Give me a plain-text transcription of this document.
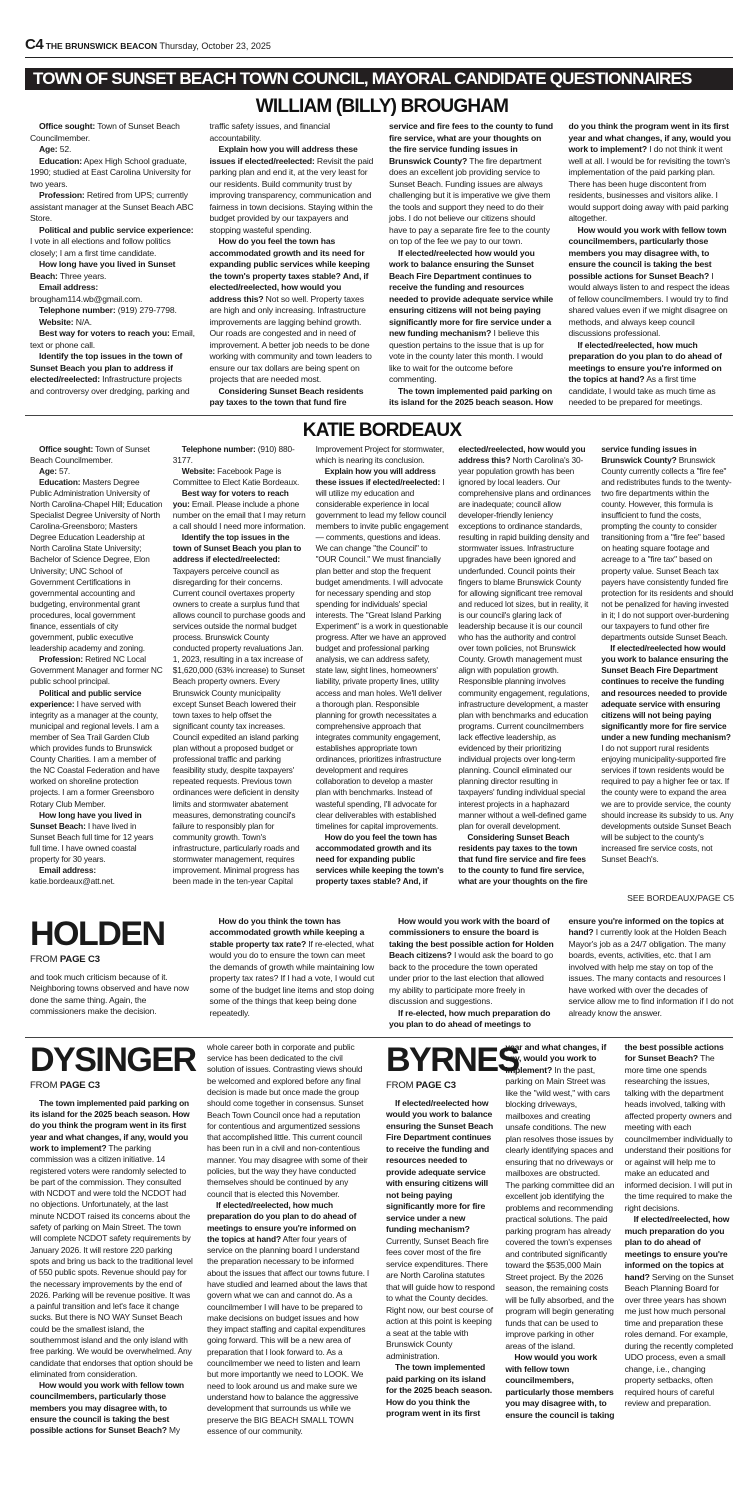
C4 THE BRUNSWICK BEACON Thursday, October 23, 2025
TOWN OF SUNSET BEACH TOWN COUNCIL, MAYORAL CANDIDATE QUESTIONNAIRES
WILLIAM (BILLY) BROUGHAM

Office sought: Town of Sunset Beach Councilmember.

Age: 52.

Education: Apex High School graduate, 1990; studied at East Carolina University for two years.

Profession: Retired from UPS; currently assistant manager at the Sunset Beach ABC Store.

Political and public service experience: I vote in all elections and follow politics closely; I am a first time candidate.

How long have you lived in Sunset Beach: Three years.

Email address: brougham114.wb@gmail.com.

Telephone number: (919) 279-7798.

Website: N/A.

Best way for voters to reach you: Email, text or phone call.

Identify the top issues in the town of Sunset Beach you plan to address if elected/reelected: Infrastructure projects and controversy over dredging, parking and traffic safety issues, and financial accountability.

Explain how you will address these issues if elected/reelected: Revisit the paid parking plan and end it, at the very least for our residents. Build community trust by improving transparency, communication and fairness in town decisions. Staying within the budget provided by our taxpayers and stopping wasteful spending.

How do you feel the town has accommodated growth and its need for expanding public services while keeping the town's property taxes stable? And, if elected/reelected, how would you address this? Not so well. Property taxes are high and only increasing. Infrastructure improvements are lagging behind growth. Our roads are congested and in need of improvement. A better job needs to be done working with community and town leaders to ensure our tax dollars are being spent on projects that are needed most.

Considering Sunset Beach residents pay taxes to the town that fund fire service and fire fees to the county to fund fire service, what are your thoughts on the fire service funding issues in Brunswick County? The fire department does an excellent job providing service to Sunset Beach. Funding issues are always challenging but it is imperative we give them the tools and support they need to do their jobs. I do not believe our citizens should have to pay a separate fire fee to the county on top of the fee we pay to our town.

If elected/reelected how would you work to balance ensuring the Sunset Beach Fire Department continues to receive the funding and resources needed to provide adequate service while ensuring citizens will not being paying significantly more for fire service under a new funding mechanism? I believe this question pertains to the issue that is up for vote in the county later this month. I would like to wait for the outcome before commenting.

The town implemented paid parking on its island for the 2025 beach season. How do you think the program went in its first year and what changes, if any, would you work to implement? I do not think it went well at all. I would be for revisiting the town's implementation of the paid parking plan. There has been huge discontent from residents, businesses and visitors alike. I would support doing away with paid parking altogether.

How would you work with fellow town councilmembers, particularly those members you may disagree with, to ensure the council is taking the best possible actions for Sunset Beach? I would always listen to and respect the ideas of fellow councilmembers. I would try to find shared values even if we might disagree on methods, and always keep council discussions professional.

If elected/reelected, how much preparation do you plan to do ahead of meetings to ensure you're informed on the topics at hand? As a first time candidate, I would take as much time as needed to be prepared for meetings.

KATIE BORDEAUX

Office sought: Town of Sunset Beach Councilmember.

Age: 57.

Education: Masters Degree Public Administration University of North Carolina-Chapel Hill; Education Specialist Degree University of North Carolina-Greensboro; Masters Degree Education Leadership at North Carolina State University; Bachelor of Science Degree, Elon University; UNC School of Government Certifications in governmental accounting and budgeting, environmental grant procedures, local government finance, essentials of city government, public executive leadership academy and zoning.

Profession: Retired NC Local Government Manager and former NC public school principal.

Political and public service experience: I have served with integrity as a manager at the county, municipal and regional levels. I am a member of Sea Trail Garden Club which provides funds to Brunswick County Charities. I am a member of the NC Coastal Federation and have worked on shoreline protection projects. I am a former Greensboro Rotary Club Member.

How long have you lived in Sunset Beach: I have lived in Sunset Beach full time for 12 years full time. I have owned coastal property for 30 years.

Email address: katie.bordeaux@att.net.

Telephone number: (910) 880-3177.

Website: Facebook Page is Committee to Elect Katie Bordeaux.

Best way for voters to reach you: Email. Please include a phone number on the email that I may return a call should I need more information.

Identify the top issues in the town of Sunset Beach you plan to address if elected/reelected: Taxpayers perceive council as disregarding for their concerns. Current council overtaxes property owners to create a surplus fund that allows council to purchase goods and services outside the normal budget process. Brunswick County conducted property revaluations Jan. 1, 2023, resulting in a tax increase of $1,620,000 (63% increase) to Sunset Beach property owners. Every Brunswick County municipality except Sunset Beach lowered their town taxes to help offset the significant county tax increases. Council expedited an island parking plan without a proposed budget or professional traffic and parking feasibility study, despite taxpayers' repeated requests. Previous town ordinances were deficient in density limits and stormwater abatement measures, demonstrating council's failure to responsibly plan for community growth. Town's infrastructure, particularly roads and stormwater management, requires improvement. Minimal progress has been made in the ten-year Capital Improvement Project for stormwater, which is nearing its conclusion.

Explain how you will address these issues if elected/reelected: I will utilize my education and considerable experience in local government to lead my fellow council members to invite public engagement — comments, questions and ideas. We can change "the Council" to "OUR Council." We must financially plan better and stop the frequent budget amendments. I will advocate for necessary spending and stop spending for individuals' special interests. The "Great Island Parking Experiment" is a work in questionable progress. After we have an approved budget and professional parking analysis, we can address safety, state law, sight lines, homeowners' liability, private property lines, utility access and man holes. We'll deliver a thorough plan. Responsible planning for growth necessitates a comprehensive approach that integrates community engagement, establishes appropriate town ordinances, prioritizes infrastructure development and requires collaboration to develop a master plan with benchmarks. Instead of wasteful spending, I'll advocate for clear deliverables with established timelines for capital improvements.

How do you feel the town has accommodated growth and its need for expanding public services while keeping the town's property taxes stable? And, if elected/reelected, how would you address this? North Carolina's 30-year population growth has been ignored by local leaders. Our comprehensive plans and ordinances are inadequate; council allow developer-friendly leniency exceptions to ordinance standards, resulting in rapid building density and stormwater issues. Infrastructure upgrades have been ignored and underfunded. Council points their fingers to blame Brunswick County for allowing significant tree removal and reduced lot sizes, but in reality, it is our council's glaring lack of leadership because it is our council who has the authority and control over town policies, not Brunswick County. Growth management must align with population growth. Responsible planning involves community engagement, regulations, infrastructure development, a master plan with benchmarks and education programs. Current councilmembers lack effective leadership, as evidenced by their prioritizing individual projects over long-term planning. Council eliminated our planning director resulting in taxpayers' funding individual special interest projects in a haphazard manner without a well-defined game plan for overall development.

Considering Sunset Beach residents pay taxes to the town that fund fire service and fire fees to the county to fund fire service, what are your thoughts on the fire service funding issues in Brunswick County? Brunswick County currently collects a "fire fee" and redistributes funds to the twenty-two fire departments within the county. However, this formula is insufficient to fund the costs, prompting the county to consider transitioning from a "fire fee" based on heating square footage and acreage to a "fire tax" based on property value. Sunset Beach tax payers have consistently funded fire protection for its residents and should not be penalized for having invested in it; I do not support over-burdening our taxpayers to fund other fire departments outside Sunset Beach.

If elected/reelected how would you work to balance ensuring the Sunset Beach Fire Department continues to receive the funding and resources needed to provide adequate service with ensuring citizens will not being paying significantly more for fire service under a new funding mechanism? I do not support rural residents enjoying municipality-supported fire services if town residents would be required to pay a higher fee or tax. If the county were to expand the area we are to provide service, the county should increase its subsidy to us. Any developments outside Sunset Beach will be subject to the county's increased fire service costs, not Sunset Beach's.

SEE BORDEAUX/PAGE C5

HOLDEN

FROM PAGE C3

and took much criticism because of it. Neighboring towns observed and have now done the same thing. Again, the commissioners make the decision.

How do you think the town has accommodated growth while keeping a stable property tax rate? If re-elected, what would you do to ensure the town can meet the demands of growth while maintaining low property tax rates? If I had a vote, I would cut some of the budget line items and stop doing some of the things that keep being done repeatedly.

How would you work with the board of commissioners to ensure the board is taking the best possible action for Holden Beach citizens? I would ask the board to go back to the procedure the town operated under prior to the last election that allowed my ability to participate more freely in discussion and suggestions.

If re-elected, how much preparation do you plan to do ahead of meetings to ensure you're informed on the topics at hand? I currently look at the Holden Beach Mayor's job as a 24/7 obligation. The many boards, events, activities, etc. that I am involved with help me stay on top of the issues. The many contacts and resources I have worked with over the decades of service allow me to find information if I do not already know the answer.

DYSINGER

FROM PAGE C3

The town implemented paid parking on its island for the 2025 beach season. How do you think the program went in its first year and what changes, if any, would you work to implement? The parking commission was a citizen initiative. 14 registered voters were randomly selected to be part of the commission. They consulted with NCDOT and were told the NCDOT had no objections. Unfortunately, at the last minute NCDOT raised its concerns about the safety of parking on Main Street. The town will complete NCDOT safety requirements by January 2026. It will restore 220 parking spots and bring us back to the traditional level of 550 public spots. Revenue should pay for the necessary improvements by the end of 2026. Parking will be revenue positive. It was a painful transition and let's face it change sucks. But there is NO WAY Sunset Beach could be the smallest island, the southernmost island and the only island with free parking. We would be overwhelmed. Any candidate that endorses that option should be eliminated from consideration.

How would you work with fellow town councilmembers, particularly those members you may disagree with, to ensure the council is taking the best possible actions for Sunset Beach? My whole career both in corporate and public service has been dedicated to the civil solution of issues. Contrasting views should be welcomed and explored before any final decision is made but once made the group should come together in consensus. Sunset Beach Town Council once had a reputation for contentious and argumentized sessions that accomplished little. This current council has been run in a civil and non-contentious manner. You may disagree with some of their policies, but the way they have conducted themselves should be continued by any council that is elected this November.

If elected/reelected, how much preparation do you plan to do ahead of meetings to ensure you're informed on the topics at hand? After four years of service on the planning board I understand the preparation necessary to be informed about the issues that affect our towns future. I have studied and learned about the laws that govern what we can and cannot do. As a councilmember I will have to be prepared to make decisions on budget issues and how they impact staffing and capital expenditures going forward. This will be a new area of preparation that I look forward to. As a councilmember we need to listen and learn but more importantly we need to LOOK. We need to look around us and make sure we understand how to balance the aggressive development that surrounds us while we preserve the BIG BEACH SMALL TOWN essence of our community.

BYRNES

FROM PAGE C3

If elected/reelected how would you work to balance ensuring the Sunset Beach Fire Department continues to receive the funding and resources needed to provide adequate service with ensuring citizens will not being paying significantly more for fire service under a new funding mechanism? Currently, Sunset Beach fire fees cover most of the fire service expenditures. There are North Carolina statutes that will guide how to respond to what the County decides. Right now, our best course of action at this point is keeping a seat at the table with Brunswick County administration.

The town implemented paid parking on its island for the 2025 beach season. How do you think the program went in its first year and what changes, if any, would you work to implement? In the past, parking on Main Street was like the "wild west," with cars blocking driveways, mailboxes and creating unsafe conditions. The new plan resolves those issues by clearly identifying spaces and ensuring that no driveways or mailboxes are obstructed. The parking committee did an excellent job identifying the problems and recommending practical solutions. The paid parking program has already covered the town's expenses and contributed significantly toward the $535,000 Main Street project. By the 2026 season, the remaining costs will be fully absorbed, and the program will begin generating funds that can be used to improve parking in other areas of the island.

How would you work with fellow town councilmembers, particularly those members you may disagree with, to ensure the council is taking the best possible actions for Sunset Beach? The more time one spends researching the issues, talking with the department heads involved, talking with affected property owners and meeting with each councilmember individually to understand their positions for or against will help me to make an educated and informed decision. I will put in the time required to make the right decisions.

If elected/reelected, how much preparation do you plan to do ahead of meetings to ensure you're informed on the topics at hand? Serving on the Sunset Beach Planning Board for over three years has shown me just how much personal time and preparation these roles demand. For example, during the recently completed UDO process, even a small change, i.e., changing property setbacks, often required hours of careful review and preparation.
